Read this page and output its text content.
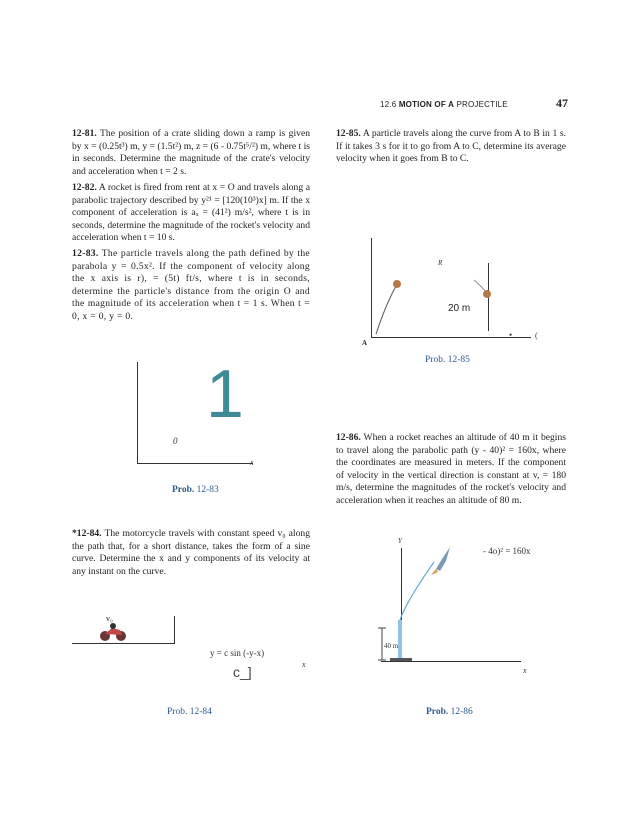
12.6 MOTION OF A PROJECTILE	47
12-81. The position of a crate sliding down a ramp is given by x = (0.25t³) m, y = (1.5t²) m, z = (6 - 0.75t⁵/²) m, where t is in seconds. Determine the magnitude of the crate's velocity and acceleration when t = 2 s.
12-82. A rocket is fired from rent at x = O and travels along a parabolic trajectory described by y²¹ = [120(10³)x] m. If the x component of acceleration is aₓ = (41²) m/s², where t is in seconds, determine the magnitude of the rocket's velocity and acceleration when t = 10 s.
12-83. The particle travels along the path defined by the parabola y = 0.5x². If the component of velocity along the x axis is r), = (5t) ft/s, where t is in seconds, determine the particle's distance from the origin O and the magnitude of its acceleration when t = 1 s. When t = 0, x = 0, y = 0.
1
0
x
Prob. 12-83
*12-84. The motorcycle travels with constant speed v₀ along the path that, for a short distance, takes the form of a sine curve. Determine the x and y components of its velocity at any instant on the curve.
v₀
y = c sin (-y-x)
x
c_]
Prob. 12-84
12-85. A particle travels along the curve from A to B in 1 s. If it takes 3 s for it to go from A to C, determine its average velocity when it goes from B to C.
R
20 m
A
•	(
Prob. 12-85
12-86. When a rocket reaches an altitude of 40 m it begins to travel along the parabolic path (y - 40)² = 160x, where the coordinates are measured in meters. If the component of velocity in the vertical direction is constant at v, = 180 m/s, determine the magnitudes of the rocket's velocity and acceleration when it reaches an altitude of 80 m.
Y
- 4o)² = 160x
40 m
x
Prob. 12-86
